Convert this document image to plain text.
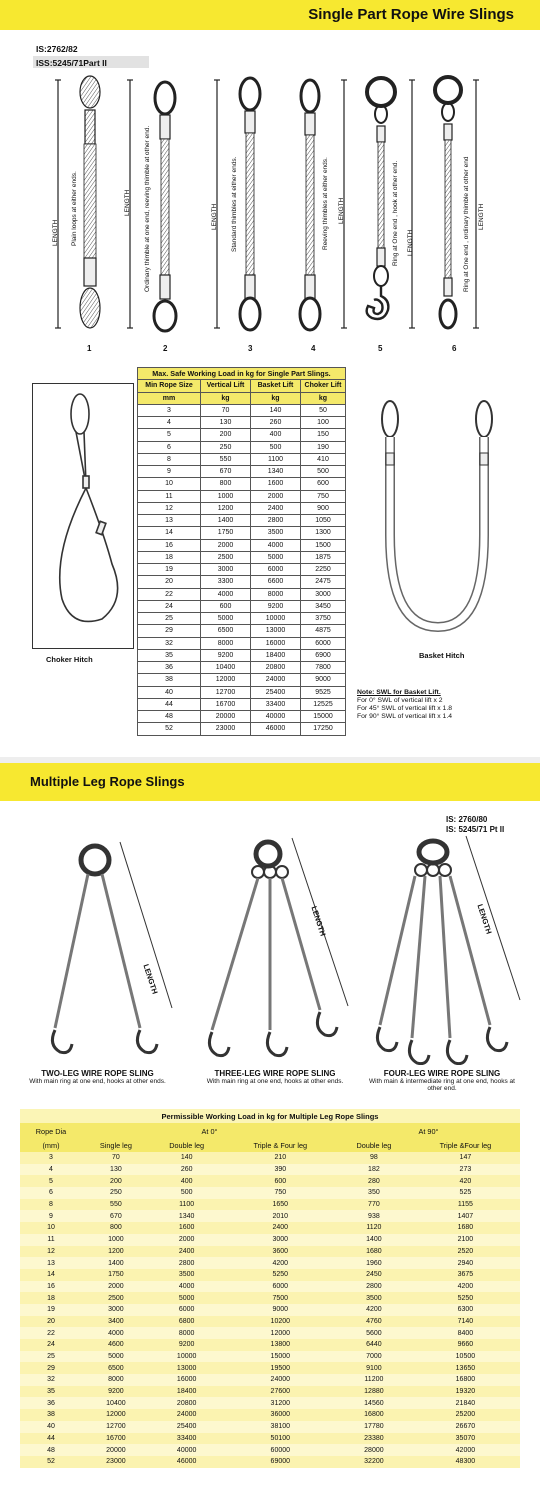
Single Part Rope Wire Slings
IS:2762/82
ISS:5245/71Part II
LENGTH Plain loops at either ends.	LENGTH Ordinary thimble at one end, reeving thimble at other end.	LENGTH Standard thimbles at either ends.	LENGTH
Reeving thimbles at either ends.	LENGTH
Ring at One end , hook at other end.	LENGTH
Ring at One end , ordinary thimble at other end
1	2	3	4	5	6
Choker Hitch
Max. Safe Working Load in kg for Single Part Slings.			
Min Rope Size	Vertical Lift	Basket Lift	Choker Lift
mm	kg	kg	kg
3	70	140	50
4	130	260	100
5	200	400	150
6	250	500	190
8	550	1100	410
9	670	1340	500
10	800	1600	600
11	1000	2000	750
12	1200	2400	900
13	1400	2800	1050
14	1750	3500	1300
16	2000	4000	1500
18	2500	5000	1875
19	3000	6000	2250
20	3300	6600	2475
22	4000	8000	3000
24	600	9200	3450
25	5000	10000	3750
29	6500	13000	4875
32	8000	16000	6000
35	9200	18400	6900
36	10400	20800	7800
38	12000	24000	9000
40	12700	25400	9525
44	16700	33400	12525
48	20000	40000	15000
52	23000	46000	17250
Basket Hitch
Note: SWL for Basket Lift.
For 0° SWL of vertical lift x 2
For 45° SWL of vertical lift x 1.8
For 90° SWL of vertical lift x 1.4
Multiple Leg Rope Slings
IS: 2760/80
IS: 5245/71 Pt II
LENGTH
LENGTH	LENGTH
TWO-LEG WIRE ROPE SLING
With main ring at one end, hooks at other ends.
THREE-LEG WIRE ROPE SLING
With main ring at one end, hooks at other ends.
FOUR-LEG WIRE ROPE SLING
With main & intermediate ring at one end, hooks at other end.
Permissible Working Load in kg for Multiple Leg Rope Slings					
Rope Dia	At 0°			At 90°	
(mm)	Single leg	Double leg	Triple & Four leg	Double leg	Triple &Four leg
3	70	140	210	98	147
4	130	260	390	182	273
5	200	400	600	280	420
6	250	500	750	350	525
8	550	1100	1650	770	1155
9	670	1340	2010	938	1407
10	800	1600	2400	1120	1680
11	1000	2000	3000	1400	2100
12	1200	2400	3600	1680	2520
13	1400	2800	4200	1960	2940
14	1750	3500	5250	2450	3675
16	2000	4000	6000	2800	4200
18	2500	5000	7500	3500	5250
19	3000	6000	9000	4200	6300
20	3400	6800	10200	4760	7140
22	4000	8000	12000	5600	8400
24	4600	9200	13800	6440	9660
25	5000	10000	15000	7000	10500
29	6500	13000	19500	9100	13650
32	8000	16000	24000	11200	16800
35	9200	18400	27600	12880	19320
36	10400	20800	31200	14560	21840
38	12000	24000	36000	16800	25200
40	12700	25400	38100	17780	26670
44	16700	33400	50100	23380	35070
48	20000	40000	60000	28000	42000
52	23000	46000	69000	32200	48300
